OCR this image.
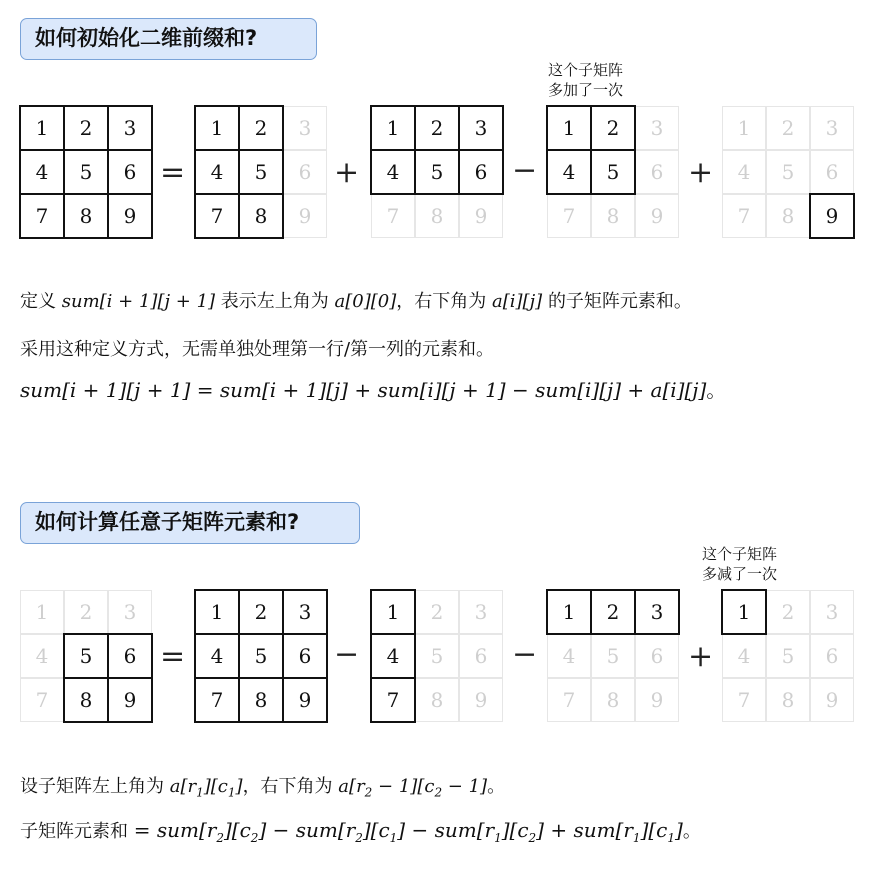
如何初始化二维前缀和?
这个子矩阵
多加了一次
1	2	3
4	5	6
7	8	9
=
1	2	3
4	5	6
7	8	9
+
1	2	3
4	5	6
7	8	9
−
1	2	3
4	5	6
7	8	9
+
1	2	3
4	5	6
7	8	9
定义 sum[i + 1][j + 1] 表示左上角为 a[0][0]，右下角为 a[i][j] 的子矩阵元素和。
采用这种定义方式，无需单独处理第一行/第一列的元素和。
sum[i + 1][j + 1] = sum[i + 1][j] + sum[i][j + 1] − sum[i][j] + a[i][j]。
如何计算任意子矩阵元素和?
这个子矩阵
多减了一次
1	2	3
4	5	6
7	8	9
=
1	2	3
4	5	6
7	8	9
−
1	2	3
4	5	6
7	8	9
−
1	2	3
4	5	6
7	8	9
+
1	2	3
4	5	6
7	8	9
设子矩阵左上角为 $a[r_1][c_1]$，右下角为 $a[r_2 - 1][c_2 - 1]$。
子矩阵元素和 = $sum[r_2][c_2] - sum[r_2][c_1] - sum[r_1][c_2] + sum[r_1][c_1]$。
